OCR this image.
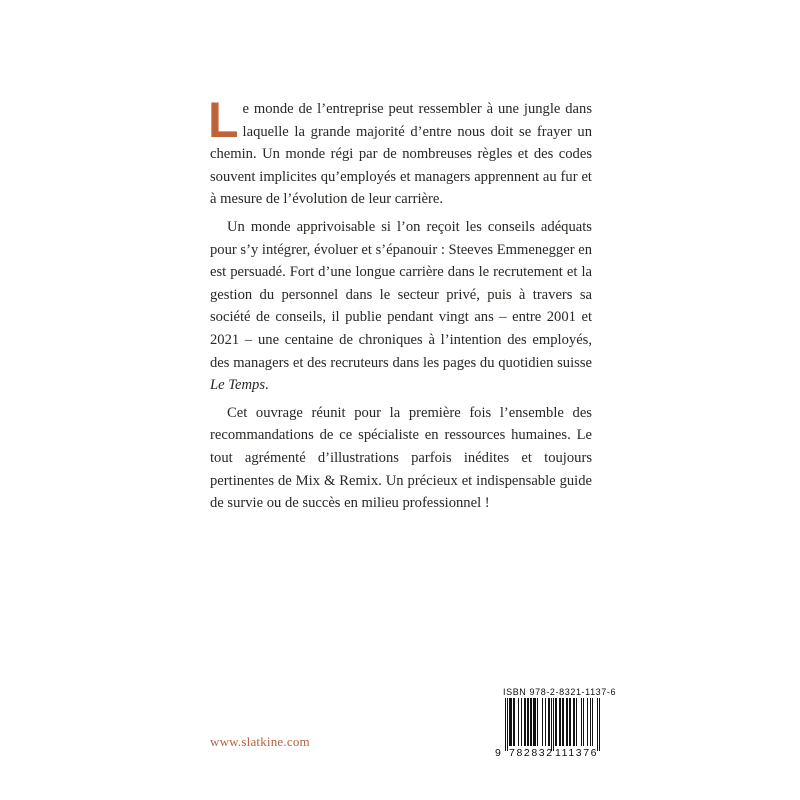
Le monde de l’entreprise peut ressembler à une jungle dans laquelle la grande majorité d’entre nous doit se frayer un chemin. Un monde régi par de nombreuses règles et des codes souvent implicites qu’employés et managers apprennent au fur et à mesure de l’évolution de leur carrière.

Un monde apprivoisable si l’on reçoit les conseils adéquats pour s’y intégrer, évoluer et s’épanouir : Steeves Emmenegger en est persuadé. Fort d’une longue carrière dans le recrutement et la gestion du personnel dans le secteur privé, puis à travers sa société de conseils, il publie pendant vingt ans – entre 2001 et 2021 – une centaine de chroniques à l’intention des employés, des managers et des recruteurs dans les pages du quotidien suisse Le Temps.

Cet ouvrage réunit pour la première fois l’ensemble des recommandations de ce spécialiste en ressources humaines. Le tout agrémenté d’illustrations parfois inédites et toujours pertinentes de Mix & Remix. Un précieux et indispensable guide de survie ou de succès en milieu professionnel !

www.slatkine.com
ISBN 978-2-8321-1137-6
9 782832 111376
